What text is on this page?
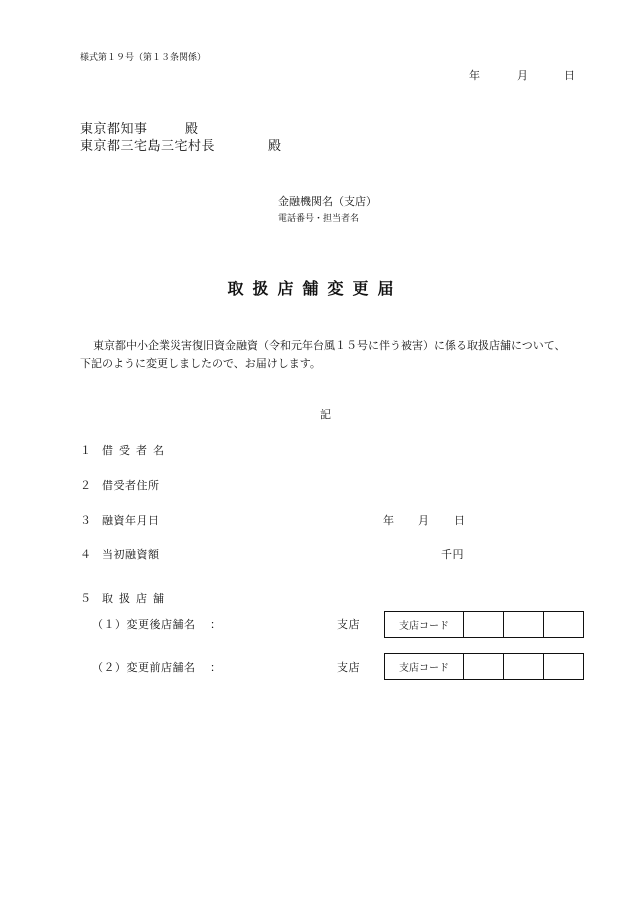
様式第１９号（第１３条関係）
年	月	日
東京都知事	殿
東京都三宅島三宅村長	殿
金融機関名（支店）
電話番号・担当者名
取扱店舗変更届
東京都中小企業災害復旧資金融資（令和元年台風１５号に伴う被害）に係る取扱店舗について、
下記のように変更しましたので、お届けします。
記
１ 借受者名
２ 借受者住所
３ 融資年月日	年 月 日
４ 当初融資額	千円
５ 取扱店舗
（１）変更後店舗名 ：	支店	支店コード			
（２）変更前店舗名 ：	支店	支店コード			
